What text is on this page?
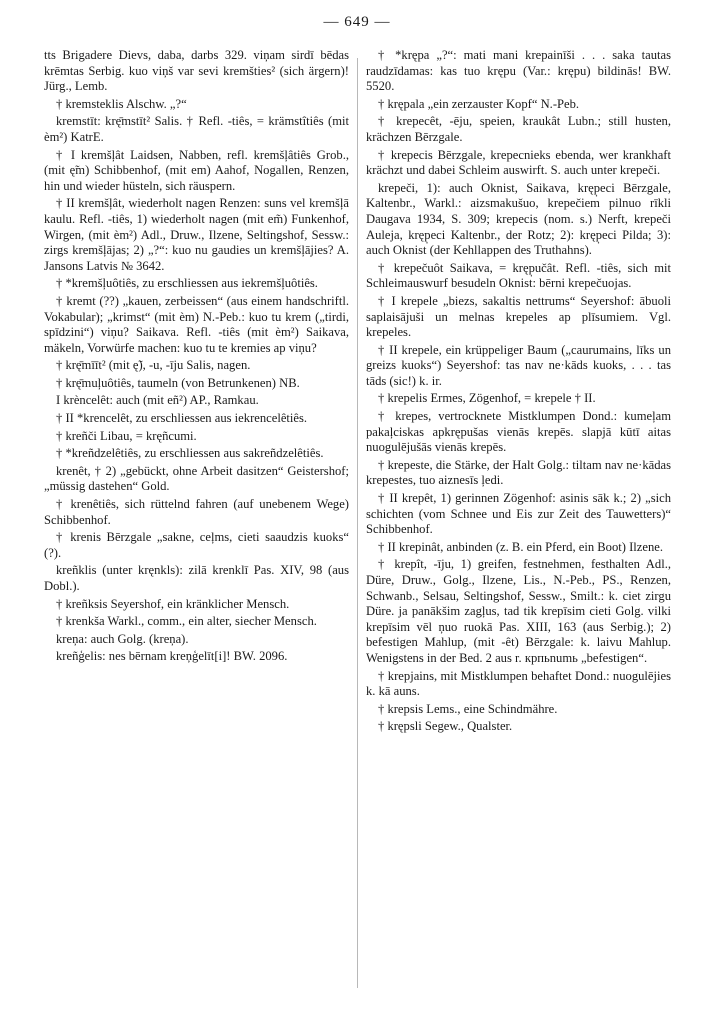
— 649 —

tts Brigadere Dievs, daba, darbs 329. viņam sirdī bēdas krēmtas Serbig. kuo viņš var sevi kremšties² (sich ärgern)! Jürg., Lemb.

† kremsteklis Alschw. „?“

kremstīt: krę̄mstīt² Salis. † Refl. -tiês, = krämstîtiês (mit èm²) KatrE.

† I kremšļât Laidsen, Nabben, refl. kremšļâtiês Grob., (mit ę̃m) Schibbenhof, (mit em) Aahof, Nogallen, Renzen, hin und wieder hüsteln, sich räuspern.

† II kremšļât, wiederholt nagen Renzen: suns vel kremšļā kaulu. Refl. -tiês, 1) wiederholt nagen (mit em̃) Funkenhof, Wirgen, (mit èm²) Adl., Druw., Ilzene, Seltingshof, Sessw.: zirgs kremšļājas; 2) „?“: kuo nu gaudies un kremšļājies? A. Jansons Latvis № 3642.

† *kremšļuôtiês, zu erschliessen aus iekremšļuôtiês.

† kremt (??) „kauen, zerbeissen“ (aus einem handschriftl. Vokabular); „krimst“ (mit èm) N.-Peb.: kuo tu krem („tirdi, spīdzini“) viņu? Saikava. Refl. -tiês (mit èm²) Saikava, mäkeln, Vorwürfe machen: kuo tu te kremies ap viņu?

† krę̄mīīt² (mit ę̃), -u, -īju Salis, nagen.

† krę̄muļuôtiês, taumeln (von Betrunkenen) NB.

I krèncelêt: auch (mit eñ²) AP., Ramkau.

† II *krencelêt, zu erschliessen aus iekrencelêtiês.

† kreñči Libau, = kręñcumi.

† *kreñdzelêtiês, zu erschliessen aus sakreñdzelêtiês.

krenêt, † 2) „gebückt, ohne Arbeit dasitzen“ Geistershof; „müssig dastehen“ Gold.

† krenêtiês, sich rüttelnd fahren (auf unebenem Wege) Schibbenhof.

† krenis Bērzgale „sakne, ceļms, cieti saaudzis kuoks“ (?).

kreñklis (unter kręnkls): zilā krenklī Pas. XIV, 98 (aus Dobl.).

† kreñksis Seyershof, ein kränklicher Mensch.

† krenkša Warkl., comm., ein alter, siecher Mensch.

kreņa: auch Golg. (kreņa).

kreñģelis: nes bērnam kreņģelīt[i]! BW. 2096.

† *krępa „?“: mati mani krepainīši . . . saka tautas raudzīdamas: kas tuo krępu (Var.: krępu) bildinās! BW. 5520.

† krępala „ein zerzauster Kopf“ N.-Peb.

† krepecêt, -ēju, speien, kraukât Lubn.; still husten, krächzen Bērzgale.

† krepecis Bērzgale, krepecnieks ebenda, wer krankhaft krächzt und dabei Schleim auswirft. S. auch unter krepeči.

krepeči, 1): auch Oknist, Saikava, kręp̣eci Bērzgale, Kaltenbr., Warkl.: aizsmakušuo, krepečiem pilnuo rīkli Daugava 1934, S. 309; krepecis (nom. s.) Nerft, krepeči Auleja, kręp̣eci Kaltenbr., der Rotz; 2): kręp̣eci Pilda; 3): auch Oknist (der Kehllappen des Truthahns).

† krepečuôt Saikava, = kręp̣učât. Refl. -tiês, sich mit Schleimauswurf besudeln Oknist: bērni krepečuojas.

† I krepele „biezs, sakaltis nettrums“ Seyershof: ābuoli saplaisājuši un melnas krepeles ap plīsumiem. Vgl. krepeles.

† II krepele, ein krüppeliger Baum („caurumains, līks un greizs kuoks“) Seyershof: tas nav ne·kāds kuoks, . . . tas tāds (sic!) k. ir.

† krepelis Ermes, Zögenhof, = krepele † II.

† krepes, vertrocknete Mistklumpen Dond.: kumeļam pakaļciskas apkrępušas vienās krepēs. slapjā kūtī aitas nuogulējušās vienās krepēs.

† krepeste, die Stärke, der Halt Golg.: tiltam nav ne·kādas krepestes, tuo aiznesīs ļedi.

† II krepêt, 1) gerinnen Zögenhof: asinis sāk k.; 2) „sich schichten (vom Schnee und Eis zur Zeit des Tauwetters)“ Schibbenhof.

† II krepinât, anbinden (z. B. ein Pferd, ein Boot) Ilzene.

† krepît, -īju, 1) greifen, festnehmen, festhalten Adl., Düre, Druw., Golg., Ilzene, Lis., N.-Peb., PS., Renzen, Schwanb., Selsau, Seltingshof, Sessw., Smilt.: k. ciet zirgu Düre. ja panākšim zagļus, tad tik krepīsim cieti Golg. vilki krepīsim vēl ņuo ruokā Pas. XIII, 163 (aus Serbig.); 2) befestigen Mahlup, (mit -êt) Bērzgale: k. laivu Mahlup. Wenigstens in der Bed. 2 aus r. крпьnumь „befestigen“.

† krepjains, mit Mistklumpen behaftet Dond.: nuogulējies k. kā auns.

† krepsis Lems., eine Schindmähre.

† krępsli Segew., Qualster.
